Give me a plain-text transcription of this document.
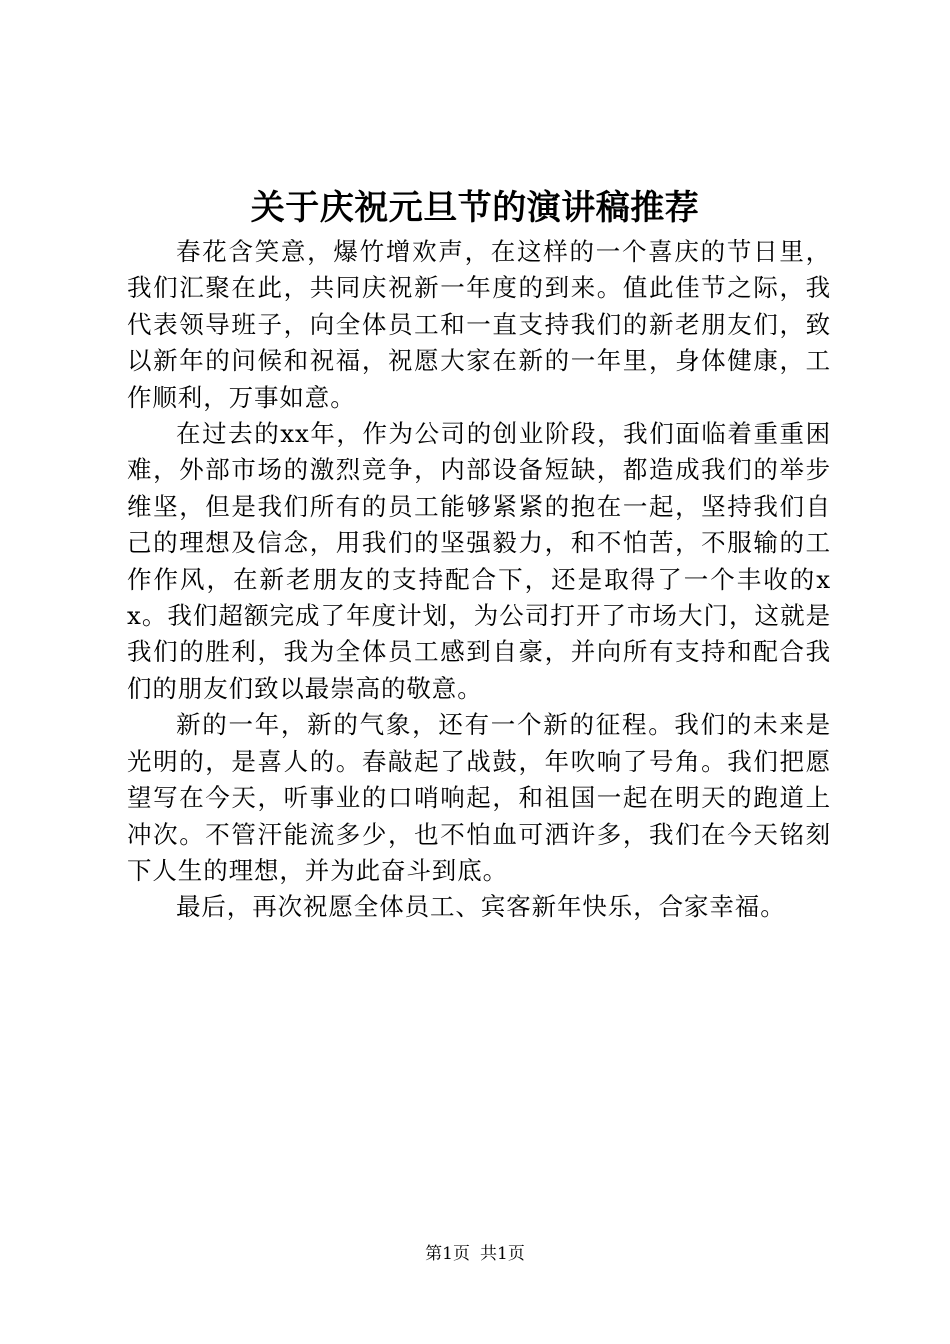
关于庆祝元旦节的演讲稿推荐

春花含笑意，爆竹增欢声，在这样的一个喜庆的节日里，我们汇聚在此，共同庆祝新一年度的到来。值此佳节之际，我代表领导班子，向全体员工和一直支持我们的新老朋友们，致以新年的问候和祝福，祝愿大家在新的一年里，身体健康，工作顺利，万事如意。

在过去的xx年，作为公司的创业阶段，我们面临着重重困难，外部市场的激烈竞争，内部设备短缺，都造成我们的举步维坚，但是我们所有的员工能够紧紧的抱在一起，坚持我们自己的理想及信念，用我们的坚强毅力，和不怕苦，不服输的工作作风，在新老朋友的支持配合下，还是取得了一个丰收的xx。我们超额完成了年度计划，为公司打开了市场大门，这就是我们的胜利，我为全体员工感到自豪，并向所有支持和配合我们的朋友们致以最崇高的敬意。

新的一年，新的气象，还有一个新的征程。我们的未来是光明的，是喜人的。春敲起了战鼓，年吹响了号角。我们把愿望写在今天，听事业的口哨响起，和祖国一起在明天的跑道上冲次。不管汗能流多少，也不怕血可洒许多，我们在今天铭刻下人生的理想，并为此奋斗到底。

最后，再次祝愿全体员工、宾客新年快乐，合家幸福。

第1页 共1页
